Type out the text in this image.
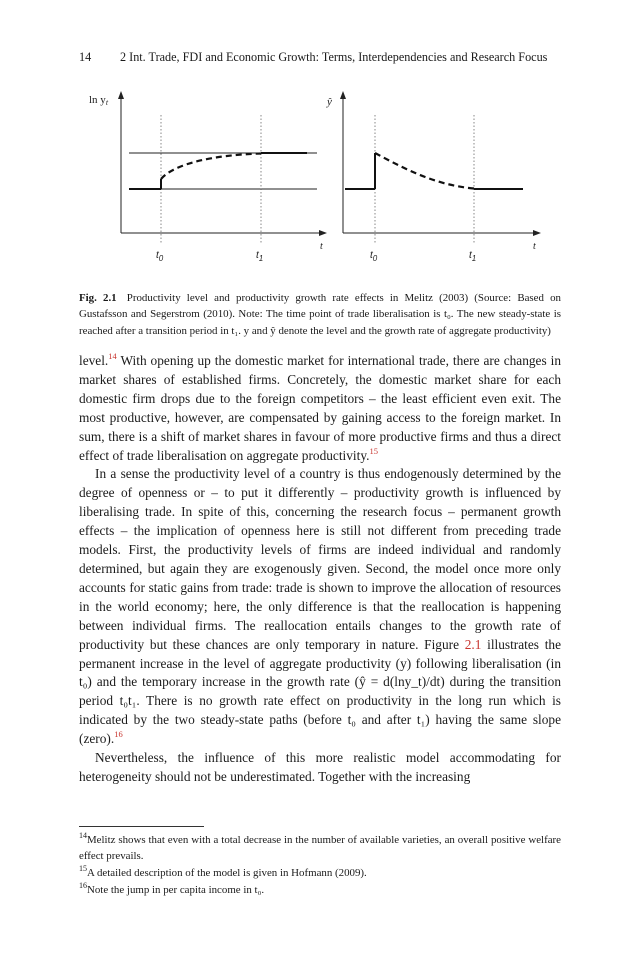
14 2 Int. Trade, FDI and Economic Growth: Terms, Interdependencies and Research Focus
ln yt
t
$t_0$	$t_1$
ŷ
t
$t_0$	$t_1$
Fig. 2.1 Productivity level and productivity growth rate effects in Melitz (2003) (Source: Based on Gustafsson and Segerstrom (2010). Note: The time point of trade liberalisation is t₀. The new steady-state is reached after a transition period in t₁. y and ŷ denote the level and the growth rate of aggregate productivity)

level.$^{14}$ With opening up the domestic market for international trade, there are changes in market shares of established firms. Concretely, the domestic market share for each domestic firm drops due to the foreign competitors – the least efficient even exit. The most productive, however, are compensated by gaining access to the foreign market. In sum, there is a shift of market shares in favour of more productive firms and thus a direct effect of trade liberalisation on aggregate productivity.$^{15}$

In a sense the productivity level of a country is thus endogenously determined by the degree of openness or – to put it differently – productivity growth is influenced by liberalising trade. In spite of this, concerning the research focus – permanent growth effects – the implication of openness here is still not different from preceding trade models. First, the productivity levels of firms are indeed individual and randomly determined, but again they are exogenously given. Second, the model once more only accounts for static gains from trade: trade is shown to improve the allocation of resources in the world economy; here, the only difference is that the reallocation is happening between individual firms. The reallocation entails changes to the growth rate of productivity but these chances are only temporary in nature. Figure 2.1 illustrates the permanent increase in the level of aggregate productivity (y) following liberalisation (in t₀) and the temporary increase in the growth rate (ŷ = d(lny_t)/dt) during the transition period t₀t₁. There is no growth rate effect on productivity in the long run which is indicated by the two steady-state paths (before t₀ and after t₁) having the same slope (zero).$^{16}$

Nevertheless, the influence of this more realistic model accommodating for heterogeneity should not be underestimated. Together with the increasing

$^{14}$Melitz shows that even with a total decrease in the number of available varieties, an overall positive welfare effect prevails.

$^{15}$A detailed description of the model is given in Hofmann (2009).

$^{16}$Note the jump in per capita income in t₀.
